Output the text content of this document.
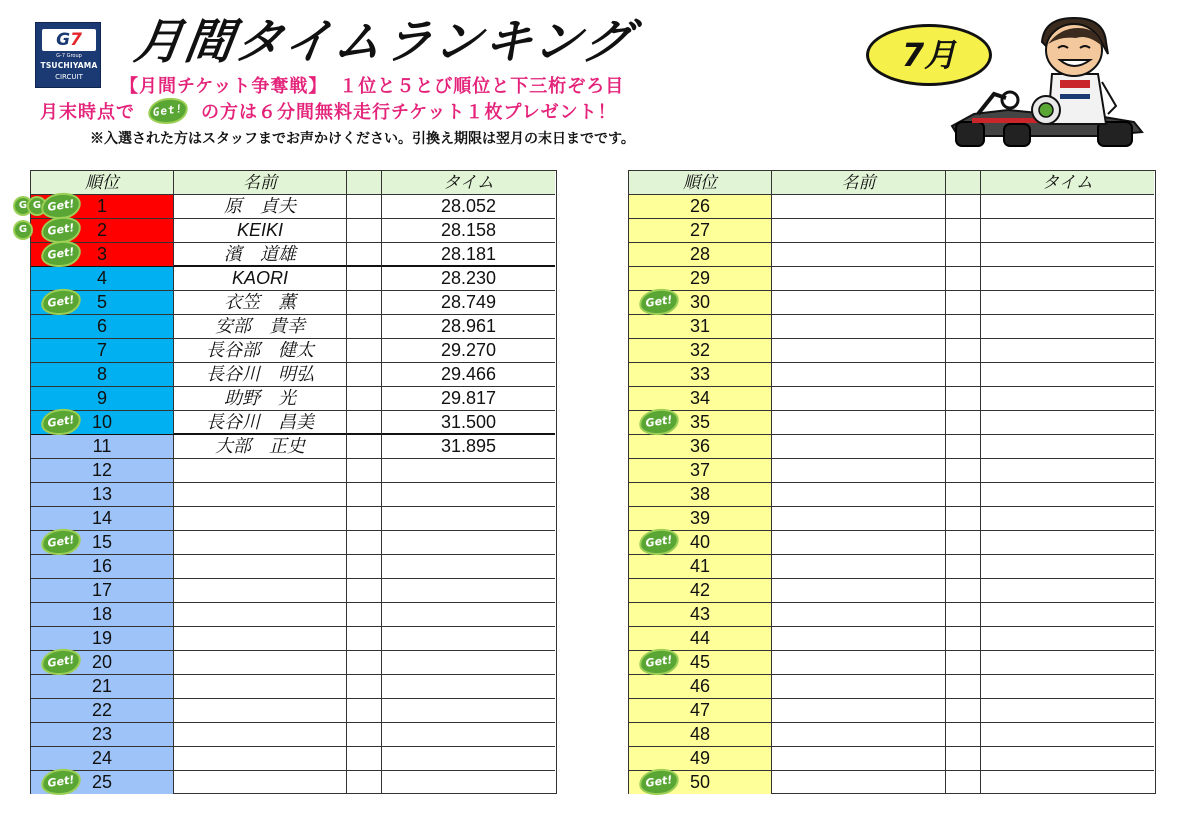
G7
G-7 Group
TSUCHIYAMA
CIRCUIT
月間タイムランキング	7月
【月間チケット争奪戦】 １位と５とび順位と下三桁ぞろ目
月末時点で Get! の方は６分間無料走行チケット１枚プレゼント！
※入選された方はスタッフまでお声かけください。引換え期限は翌月の末日までです。
順位	名前	タイム
1	原　貞夫	28.052
G G Get!
2	KEIKI	28.158
G	Get!
3	濱　道雄	28.181
Get!
4	KAORI	28.230
5	衣笠　薫	28.749
Get!
6	安部　貴幸	28.961
7	長谷部　健太	29.270
8	長谷川　明弘	29.466
9	助野　光	29.817
10	長谷川　昌美	31.500
Get!
11	大部　正史	31.895
12
13
14
15
Get!
16
17
18
19
20
Get!
21
22
23
24
25
Get!
順位	名前	タイム
26
27
28
29
30
Get!
31
32
33
34
35
Get!
36
37
38
39
40
Get!
41
42
43
44
45
Get!
46
47
48
49
50
Get!
